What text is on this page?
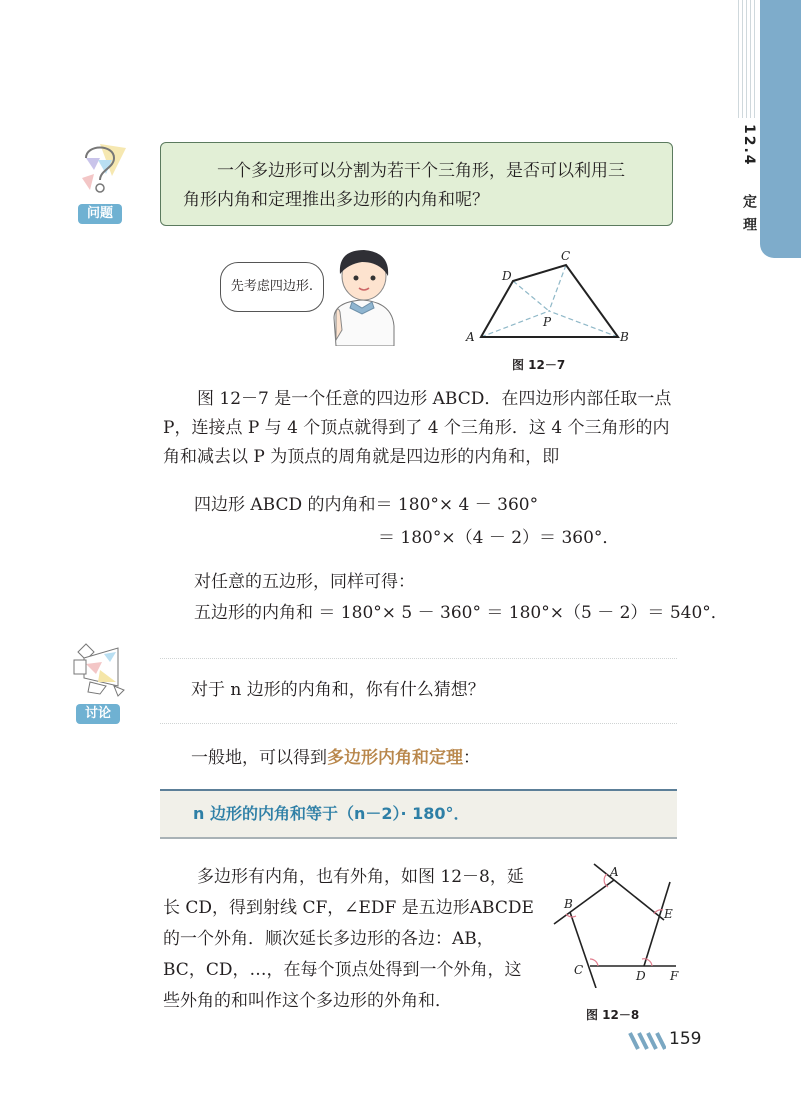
12.4  定 理
问题
一个多边形可以分割为若干个三角形，是否可以利用三
角形内角和定理推出多边形的内角和呢？
先考虑四边形.
A	B
C
D
P
图 12－7
图 12－7 是一个任意的四边形 ABCD．在四边形内部任取一点
P，连接点 P 与 4 个顶点就得到了 4 个三角形．这 4 个三角形的内
角和减去以 P 为顶点的周角就是四边形的内角和，即
四边形 ABCD 的内角和＝ 180°× 4 － 360°
＝ 180°×（4 － 2）＝ 360°．
对任意的五边形，同样可得：
五边形的内角和 ＝ 180°× 5 － 360° ＝ 180°×（5 － 2）＝ 540°．
讨论
对于 n 边形的内角和，你有什么猜想？
一般地，可以得到多边形内角和定理：
n 边形的内角和等于（n－2）· 180°．
多边形有内角，也有外角，如图 12－8，延
长 CD，得到射线 CF，∠EDF 是五边形ABCDE
的一个外角．顺次延长多边形的各边：AB，
BC，CD，…，在每个顶点处得到一个外角，这
些外角的和叫作这个多边形的外角和．
A
B
C	D
E
F
图 12－8
159
